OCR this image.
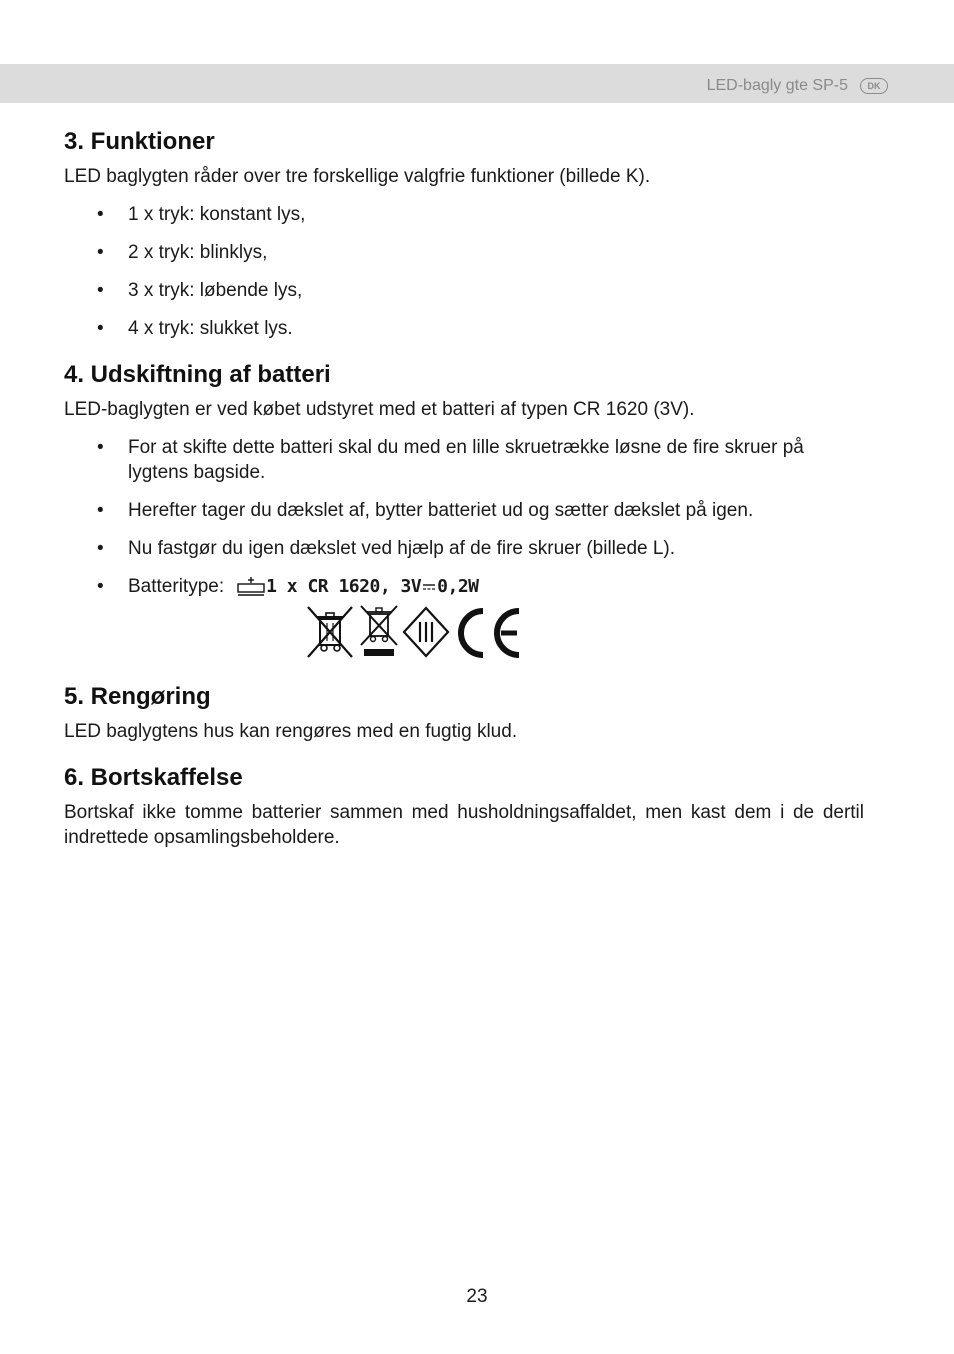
LED-bagly gte SP-5	DK
3. Funktioner

LED baglygten råder over tre forskellige valgfrie funktioner (billede K).

• 1 x tryk: konstant lys,
• 2 x tryk: blinklys,
• 3 x tryk: løbende lys,
• 4 x tryk: slukket lys.
4. Udskiftning af batteri

LED-baglygten er ved købet udstyret med et batteri af typen CR 1620 (3V).

• For at skifte dette batteri skal du med en lille skruetrække løsne de fire skruer på lygtens bagside.
• Herefter tager du dækslet af, bytter batteriet ud og sætter dækslet på igen.
• Nu fastgør du igen dækslet ved hjælp af de fire skruer (billede L).
• Batteritype: 1 x CR 1620, 3V 0,2W
5. Rengøring

LED baglygtens hus kan rengøres med en fugtig klud.

6. Bortskaffelse

Bortskaf ikke tomme batterier sammen med husholdningsaffaldet, men kast dem i de dertil indrettede opsamlingsbeholdere.

23
